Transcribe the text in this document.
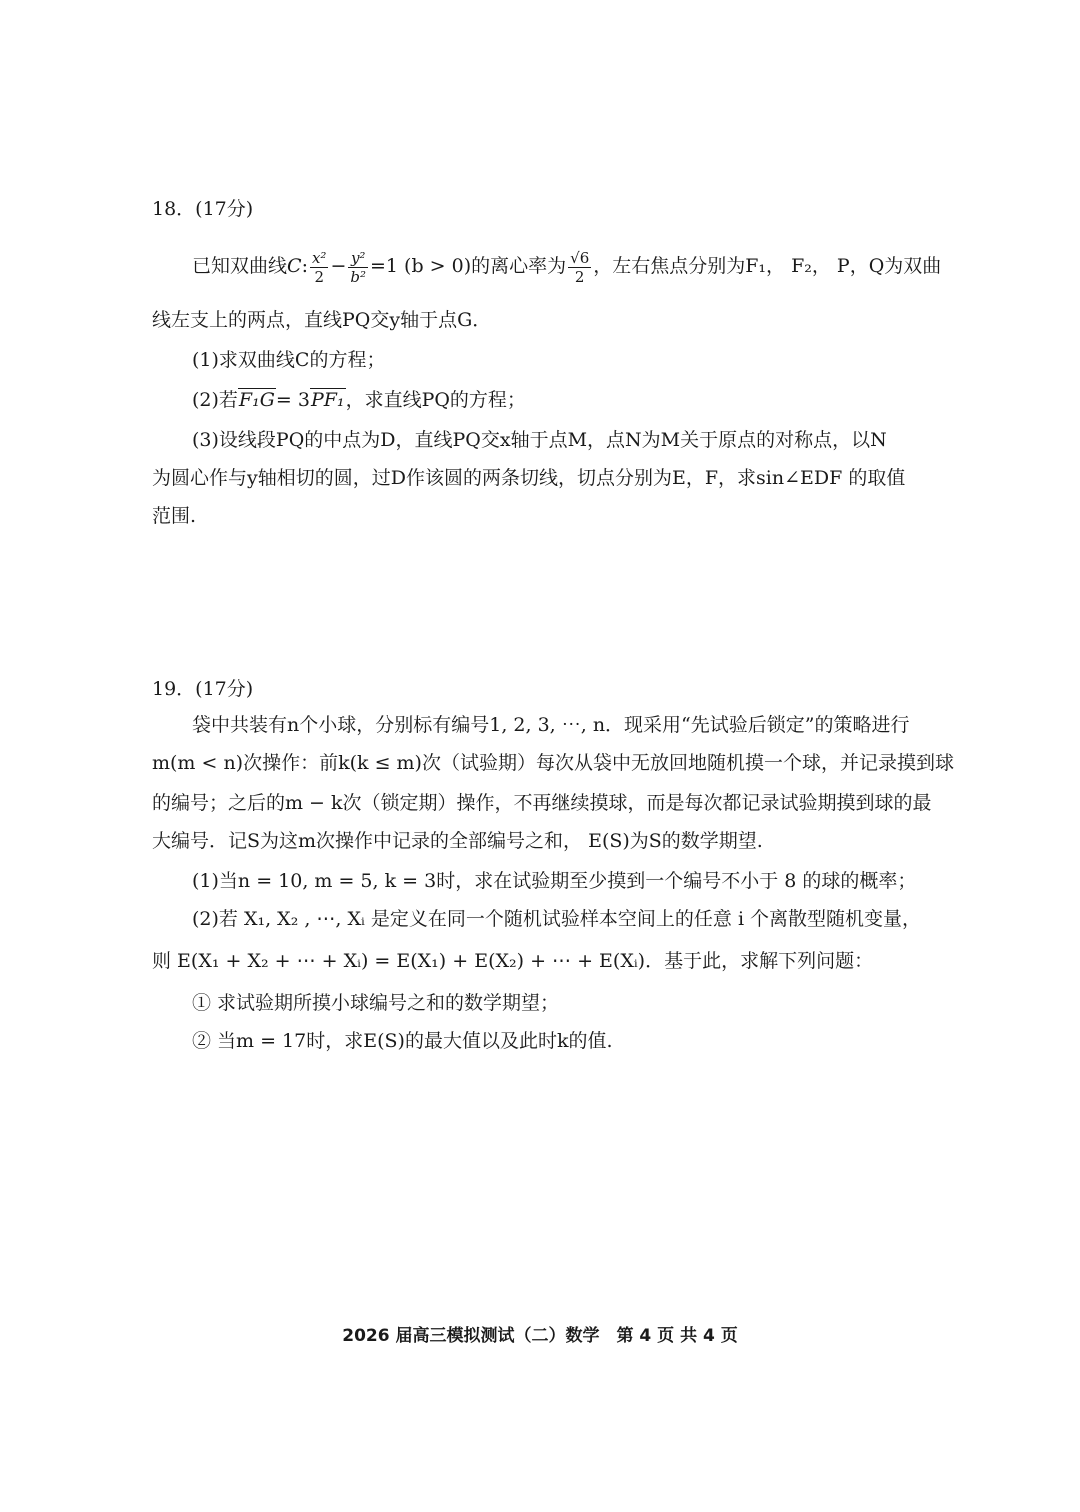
18．(17分)
已知双曲线C: $\frac{\text{x²}}{2} - \frac{\text{y²}}{\text{b²}} =1$ (b > 0)的离心率为 $\frac{√6}{2}$ ，左右焦点分别为F₁， F₂， P，Q为双曲
线左支上的两点，直线PQ交y轴于点G．
(1)求双曲线C的方程；
(2)若F₁G= 3PF₁，求直线PQ的方程；
(3)设线段PQ的中点为D，直线PQ交x轴于点M，点N为M关于原点的对称点，以N
为圆心作与y轴相切的圆，过D作该圆的两条切线，切点分别为E，F，求sin∠EDF 的取值
范围.
19．(17分)
袋中共装有n个小球，分别标有编号1, 2, 3, ⋯, n．现采用“先试验后锁定”的策略进行
m(m < n)次操作：前k(k ≤ m)次（试验期）每次从袋中无放回地随机摸一个球，并记录摸到球
的编号；之后的m − k次（锁定期）操作，不再继续摸球，而是每次都记录试验期摸到球的最
大编号．记S为这m次操作中记录的全部编号之和， E(S)为S的数学期望.
(1)当n = 10, m = 5, k = 3时，求在试验期至少摸到一个编号不小于 8 的球的概率；
(2)若 X₁, X₂ , ⋯, Xᵢ 是定义在同一个随机试验样本空间上的任意 i 个离散型随机变量，
则 E(X₁ + X₂ + ⋯ + Xᵢ) = E(X₁) + E(X₂) + ⋯ + E(Xᵢ)．基于此，求解下列问题：
① 求试验期所摸小球编号之和的数学期望；
② 当m = 17时，求E(S)的最大值以及此时k的值.
2026 届高三模拟测试（二）数学　第 4 页 共 4 页
